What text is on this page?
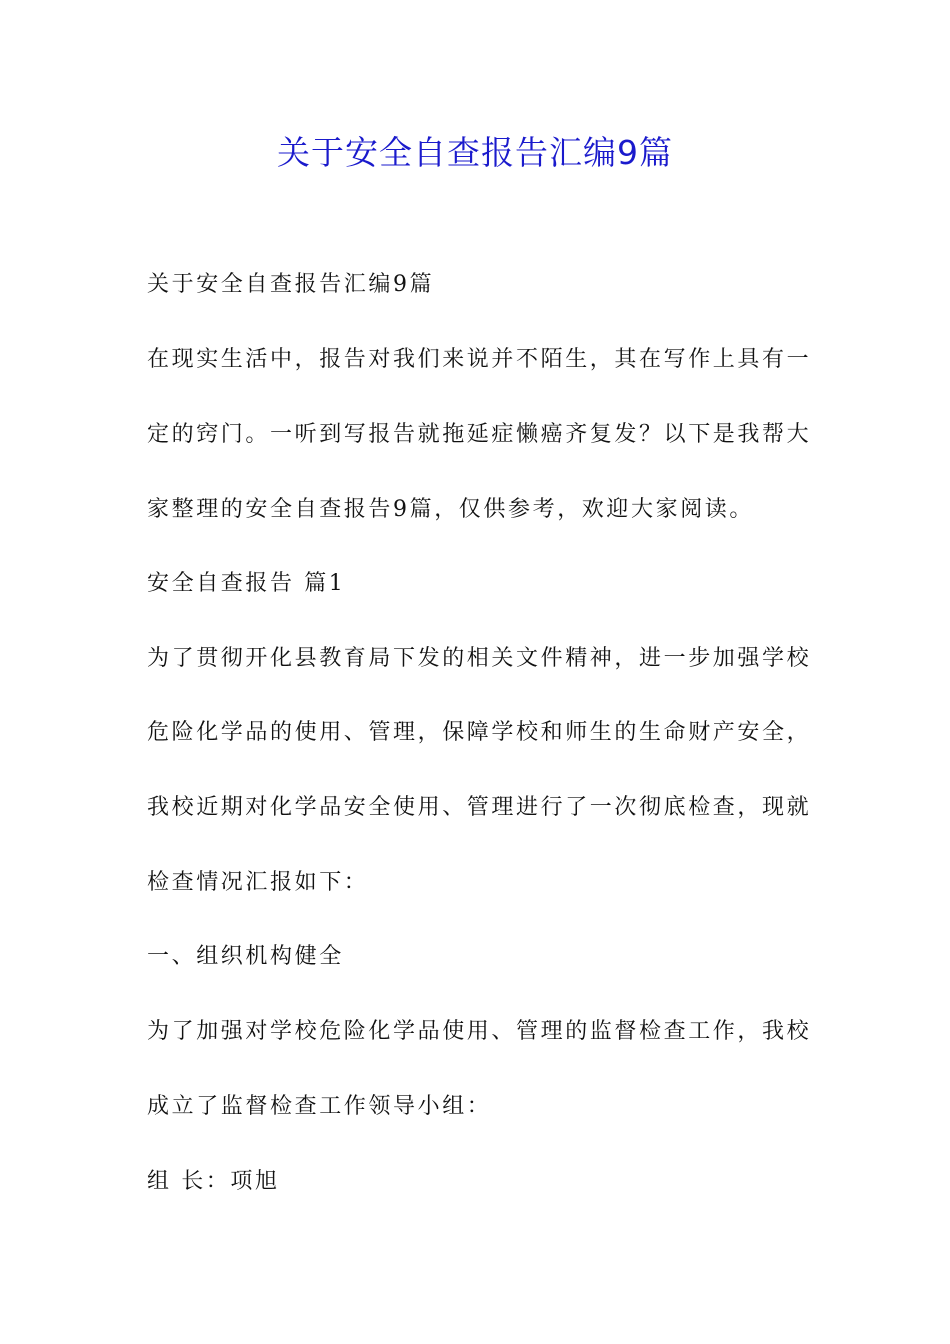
关于安全自查报告汇编9篇

关于安全自查报告汇编9篇

在现实生活中，报告对我们来说并不陌生，其在写作上具有一

定的窍门。一听到写报告就拖延症懒癌齐复发？以下是我帮大

家整理的安全自查报告9篇，仅供参考，欢迎大家阅读。

安全自查报告 篇1

为了贯彻开化县教育局下发的相关文件精神，进一步加强学校

危险化学品的使用、管理，保障学校和师生的生命财产安全，

我校近期对化学品安全使用、管理进行了一次彻底检查，现就

检查情况汇报如下：

一、组织机构健全

为了加强对学校危险化学品使用、管理的监督检查工作，我校

成立了监督检查工作领导小组：

组 长：项旭
